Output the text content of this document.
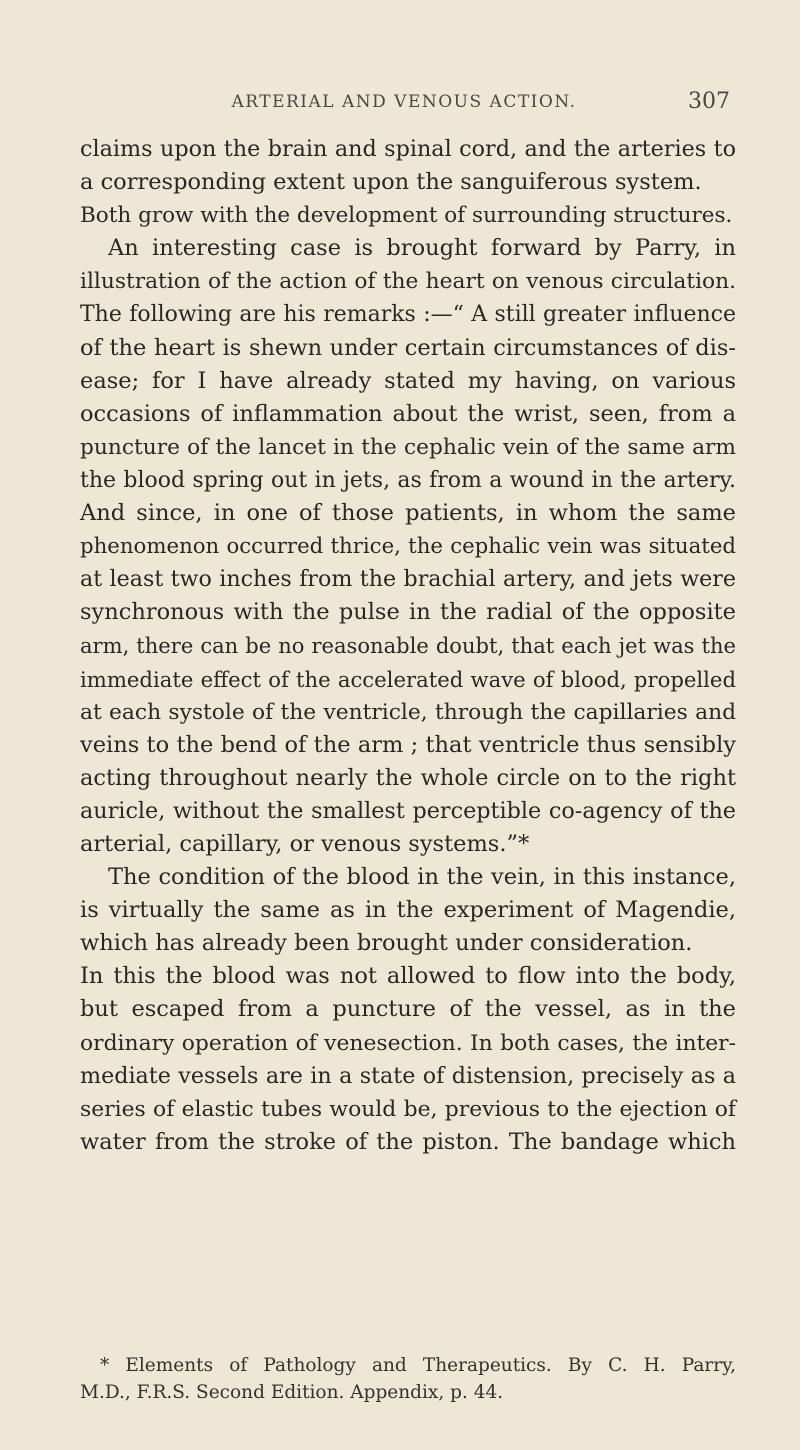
ARTERIAL AND VENOUS ACTION.	307
claims upon the brain and spinal cord, and the arteries to
a corresponding extent upon the sanguiferous system.
Both grow with the development of surrounding structures.
An interesting case is brought forward by Parry, in
illustration of the action of the heart on venous circulation.
The following are his remarks :—“ A still greater influence
of the heart is shewn under certain circumstances of dis-
ease; for I have already stated my having, on various
occasions of inflammation about the wrist, seen, from a
puncture of the lancet in the cephalic vein of the same arm
the blood spring out in jets, as from a wound in the artery.
And since, in one of those patients, in whom the same
phenomenon occurred thrice, the cephalic vein was situated
at least two inches from the brachial artery, and jets were
synchronous with the pulse in the radial of the opposite
arm, there can be no reasonable doubt, that each jet was the
immediate effect of the accelerated wave of blood, propelled
at each systole of the ventricle, through the capillaries and
veins to the bend of the arm ; that ventricle thus sensibly
acting throughout nearly the whole circle on to the right
auricle, without the smallest perceptible co-agency of the
arterial, capillary, or venous systems.”*
The condition of the blood in the vein, in this instance,
is virtually the same as in the experiment of Magendie,
which has already been brought under consideration.
In this the blood was not allowed to flow into the body,
but escaped from a puncture of the vessel, as in the
ordinary operation of venesection. In both cases, the inter-
mediate vessels are in a state of distension, precisely as a
series of elastic tubes would be, previous to the ejection of
water from the stroke of the piston. The bandage which
* Elements of Pathology and Therapeutics. By C. H. Parry,
M.D., F.R.S. Second Edition. Appendix, p. 44.
